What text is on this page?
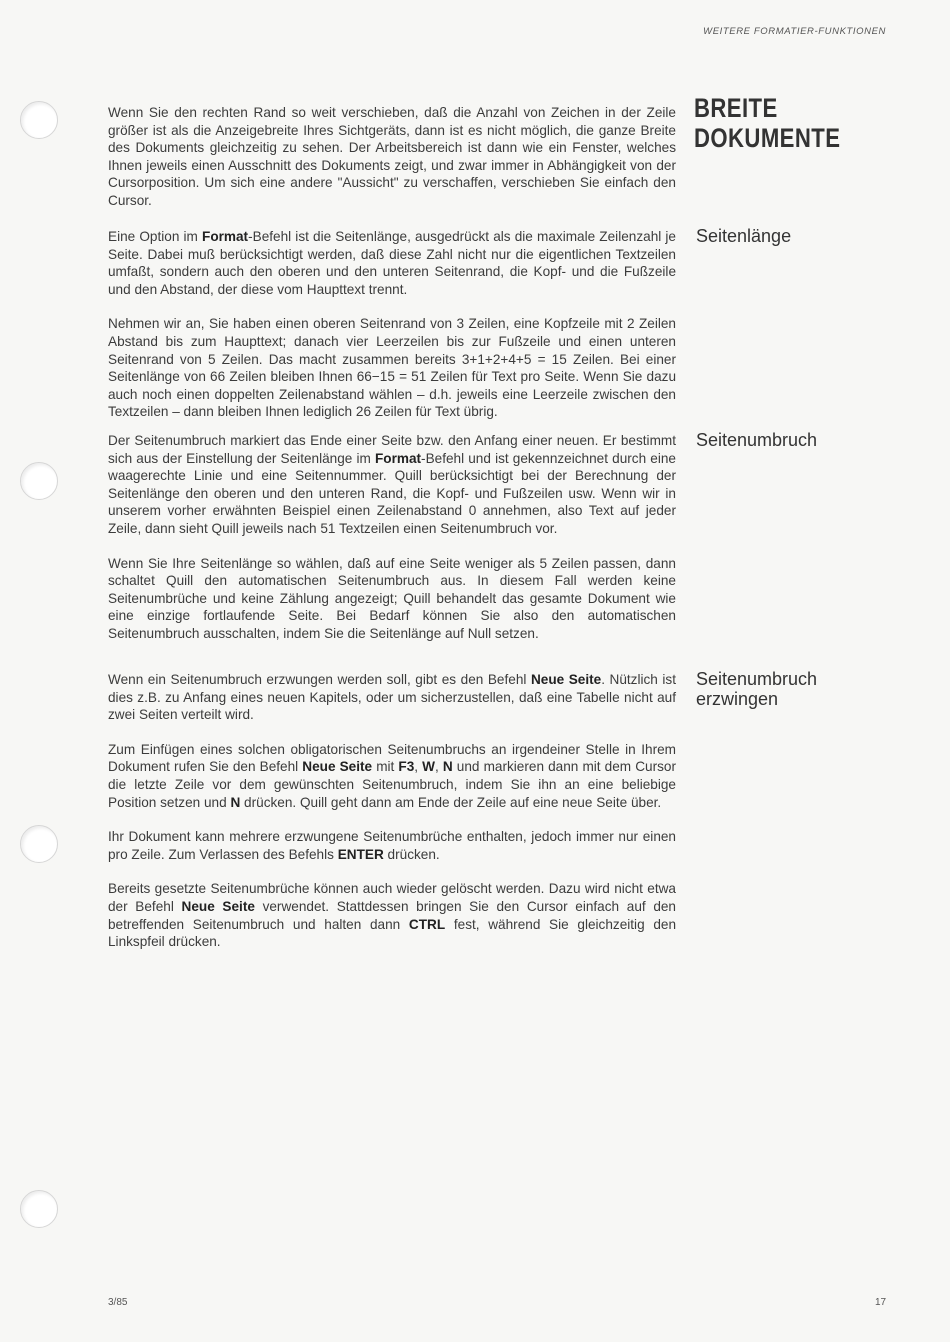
WEITERE FORMATIER-FUNKTIONEN
BREITE
DOKUMENTE

Wenn Sie den rechten Rand so weit verschieben, daß die Anzahl von Zeichen in der Zeile größer ist als die Anzeigebreite Ihres Sichtgeräts, dann ist es nicht möglich, die ganze Breite des Dokuments gleichzeitig zu sehen. Der Arbeitsbereich ist dann wie ein Fenster, welches Ihnen jeweils einen Ausschnitt des Dokuments zeigt, und zwar immer in Abhängigkeit von der Cursorposition. Um sich eine andere "Aussicht" zu verschaffen, verschieben Sie einfach den Cursor.

Seitenlänge

Eine Option im Format-Befehl ist die Seitenlänge, ausgedrückt als die maximale Zeilenzahl je Seite. Dabei muß berücksichtigt werden, daß diese Zahl nicht nur die eigentlichen Textzeilen umfaßt, sondern auch den oberen und den unteren Seitenrand, die Kopf- und die Fußzeile und den Abstand, der diese vom Haupttext trennt.

Nehmen wir an, Sie haben einen oberen Seitenrand von 3 Zeilen, eine Kopfzeile mit 2 Zeilen Abstand bis zum Haupttext; danach vier Leerzeilen bis zur Fußzeile und einen unteren Seitenrand von 5 Zeilen. Das macht zusammen bereits 3+1+2+4+5 = 15 Zeilen. Bei einer Seitenlänge von 66 Zeilen bleiben Ihnen 66−15 = 51 Zeilen für Text pro Seite. Wenn Sie dazu auch noch einen doppelten Zeilenabstand wählen – d.h. jeweils eine Leerzeile zwischen den Textzeilen – dann bleiben Ihnen lediglich 26 Zeilen für Text übrig.

Seitenumbruch

Der Seitenumbruch markiert das Ende einer Seite bzw. den Anfang einer neuen. Er bestimmt sich aus der Einstellung der Seitenlänge im Format-Befehl und ist gekennzeichnet durch eine waagerechte Linie und eine Seitennummer. Quill berücksichtigt bei der Berechnung der Seitenlänge den oberen und den unteren Rand, die Kopf- und Fußzeilen usw. Wenn wir in unserem vorher erwähnten Beispiel einen Zeilenabstand 0 annehmen, also Text auf jeder Zeile, dann sieht Quill jeweils nach 51 Textzeilen einen Seitenumbruch vor.

Wenn Sie Ihre Seitenlänge so wählen, daß auf eine Seite weniger als 5 Zeilen passen, dann schaltet Quill den automatischen Seitenumbruch aus. In diesem Fall werden keine Seitenumbrüche und keine Zählung angezeigt; Quill behandelt das gesamte Dokument wie eine einzige fortlaufende Seite. Bei Bedarf können Sie also den automatischen Seitenumbruch ausschalten, indem Sie die Seitenlänge auf Null setzen.

Seitenumbruch
erzwingen

Wenn ein Seitenumbruch erzwungen werden soll, gibt es den Befehl Neue Seite. Nützlich ist dies z.B. zu Anfang eines neuen Kapitels, oder um sicherzustellen, daß eine Tabelle nicht auf zwei Seiten verteilt wird.

Zum Einfügen eines solchen obligatorischen Seitenumbruchs an irgendeiner Stelle in Ihrem Dokument rufen Sie den Befehl Neue Seite mit F3, W, N und markieren dann mit dem Cursor die letzte Zeile vor dem gewünschten Seitenumbruch, indem Sie ihn an eine beliebige Position setzen und N drücken. Quill geht dann am Ende der Zeile auf eine neue Seite über.

Ihr Dokument kann mehrere erzwungene Seitenumbrüche enthalten, jedoch immer nur einen pro Zeile. Zum Verlassen des Befehls ENTER drücken.

Bereits gesetzte Seitenumbrüche können auch wieder gelöscht werden. Dazu wird nicht etwa der Befehl Neue Seite verwendet. Stattdessen bringen Sie den Cursor einfach auf den betreffenden Seitenumbruch und halten dann CTRL fest, während Sie gleichzeitig den Linkspfeil drücken.

3/85	17
